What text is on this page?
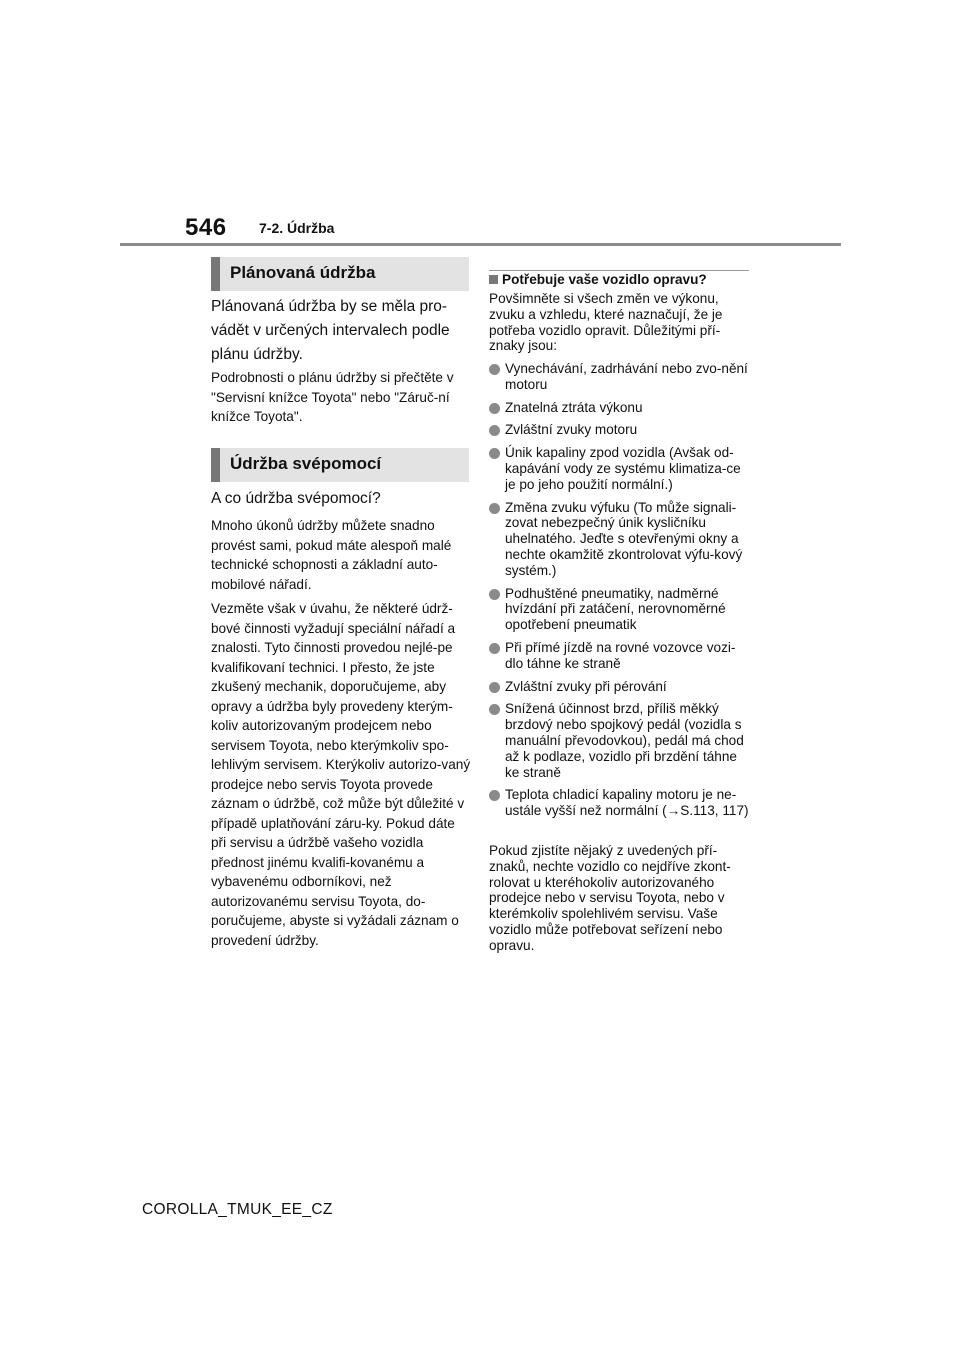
546 7-2. Údržba
Plánovaná údržba

Plánovaná údržba by se měla pro-vádět v určených intervalech podle plánu údržby.

Podrobnosti o plánu údržby si přečtěte v "Servisní knížce Toyota" nebo "Záruč-ní knížce Toyota".

Údržba svépomocí

A co údržba svépomocí?

Mnoho úkonů údržby můžete snadno provést sami, pokud máte alespoň malé technické schopnosti a základní auto-mobilové nářadí.

Vezměte však v úvahu, že některé údrž-bové činnosti vyžadují speciální nářadí a znalosti. Tyto činnosti provedou nejlé-pe kvalifikovaní technici. I přesto, že jste zkušený mechanik, doporučujeme, aby opravy a údržba byly provedeny kterým-koliv autorizovaným prodejcem nebo servisem Toyota, nebo kterýmkoliv spo-lehlivým servisem. Kterýkoliv autorizo-vaný prodejce nebo servis Toyota provede záznam o údržbě, což může být důležité v případě uplatňování záru-ky. Pokud dáte při servisu a údržbě vašeho vozidla přednost jinému kvalifi-kovanému a vybavenému odborníkovi, než autorizovanému servisu Toyota, do-poručujeme, abyste si vyžádali záznam o provedení údržby.

Potřebuje vaše vozidlo opravu?

Povšimněte si všech změn ve výkonu, zvuku a vzhledu, které naznačují, že je potřeba vozidlo opravit. Důležitými pří-znaky jsou:

Vynechávání, zadrhávání nebo zvo-nění motoru
Znatelná ztráta výkonu
Zvláštní zvuky motoru
Únik kapaliny zpod vozidla (Avšak od-kapávání vody ze systému klimatiza-ce je po jeho použití normální.)
Změna zvuku výfuku (To může signali-zovat nebezpečný únik kysličníku uhelnatého. Jeďte s otevřenými okny a nechte okamžitě zkontrolovat výfu-kový systém.)
Podhuštěné pneumatiky, nadměrné hvízdání při zatáčení, nerovnoměrné opotřebení pneumatik
Při přímé jízdě na rovné vozovce vozi-dlo táhne ke straně
Zvláštní zvuky při pérování
Snížená účinnost brzd, příliš měkký brzdový nebo spojkový pedál (vozidla s manuální převodovkou), pedál má chod až k podlaze, vozidlo při brzdění táhne ke straně
Teplota chladicí kapaliny motoru je ne-ustále vyšší než normální (→S.113, 117)

Pokud zjistíte nějaký z uvedených pří-znaků, nechte vozidlo co nejdříve zkont-rolovat u kteréhokoliv autorizovaného prodejce nebo v servisu Toyota, nebo v kterémkoliv spolehlivém servisu. Vaše vozidlo může potřebovat seřízení nebo opravu.

COROLLA_TMUK_EE_CZ
